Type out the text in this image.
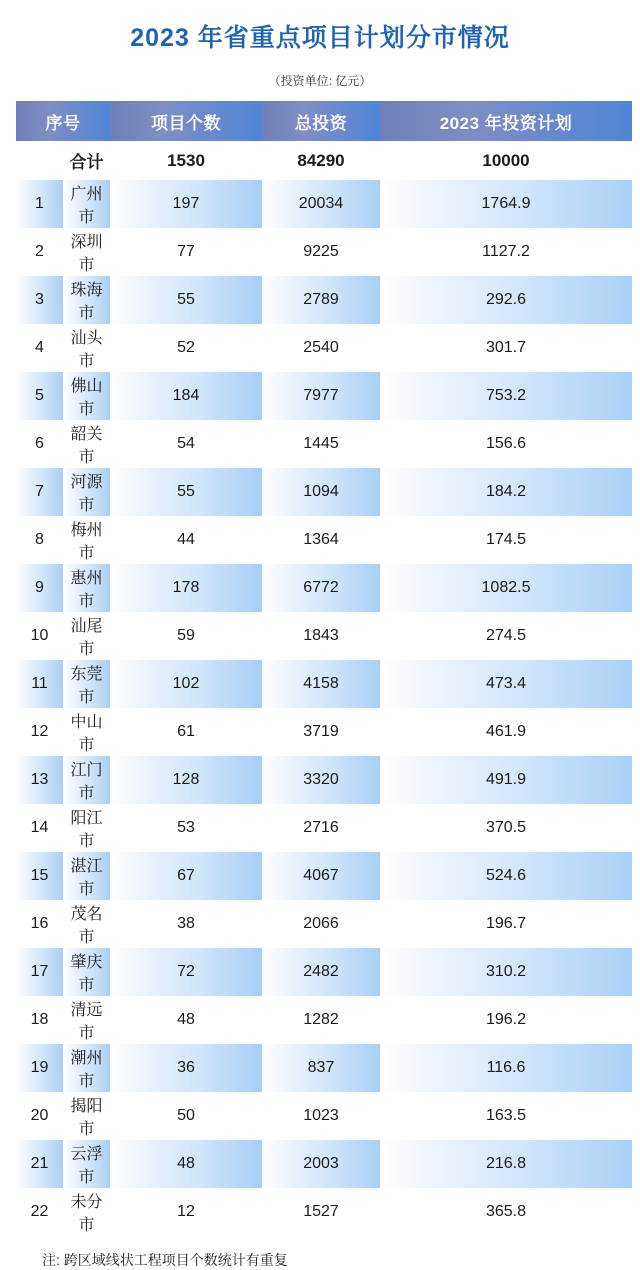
2023 年省重点项目计划分市情况
（投资单位: 亿元）
序号		项目个数	总投资	2023 年投资计划
	合计	1530	84290	10000
1	广州市	197	20034	1764.9
2	深圳市	77	9225	1127.2
3	珠海市	55	2789	292.6
4	汕头市	52	2540	301.7
5	佛山市	184	7977	753.2
6	韶关市	54	1445	156.6
7	河源市	55	1094	184.2
8	梅州市	44	1364	174.5
9	惠州市	178	6772	1082.5
10	汕尾市	59	1843	274.5
11	东莞市	102	4158	473.4
12	中山市	61	3719	461.9
13	江门市	128	3320	491.9
14	阳江市	53	2716	370.5
15	湛江市	67	4067	524.6
16	茂名市	38	2066	196.7
17	肇庆市	72	2482	310.2
18	清远市	48	1282	196.2
19	潮州市	36	837	116.6
20	揭阳市	50	1023	163.5
21	云浮市	48	2003	216.8
22	未分市	12	1527	365.8
注: 跨区域线状工程项目个数统计有重复
